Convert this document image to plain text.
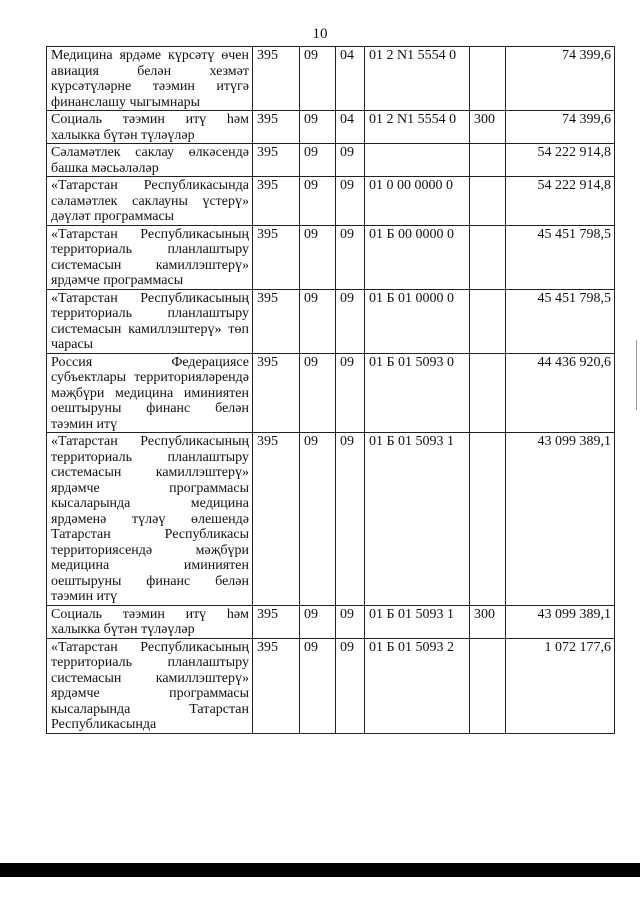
10
Медицина ярдәме күрсәтү өчен авиация белән хезмәт күрсәтүләрне тәэмин итүгә финанслашу чыгымнары	395	09	04	01 2 N1 5554 0		74 399,6
Социаль тәэмин итү һәм халыкка бүтән түләүләр	395	09	04	01 2 N1 5554 0	300	74 399,6
Сәламәтлек саклау өлкәсендә башка мәсьәләләр	395	09	09			54 222 914,8
«Татарстан Республикасында сәламәтлек саклауны үстерү» дәүләт программасы	395	09	09	01 0 00 0000 0		54 222 914,8
«Татарстан Республикасының территориаль планлаштыру системасын камиллэштерү» ярдәмче программасы	395	09	09	01 Б 00 0000 0		45 451 798,5
«Татарстан Республикасының территориаль планлаштыру системасын камиллэштерү» төп чарасы	395	09	09	01 Б 01 0000 0		45 451 798,5
Россия Федерациясе субъектлары территорияләрендә мәҗбүри медицина иминиятен оештыруны финанс белән тәэмин итү	395	09	09	01 Б 01 5093 0		44 436 920,6
«Татарстан Республикасының территориаль планлаштыру системасын камиллэштерү» ярдәмче программасы кысаларында медицина ярдәменә түләү өлешендә Татарстан Республикасы территориясендә мәҗбүри медицина иминиятен оештыруны финанс белән тәэмин итү	395	09	09	01 Б 01 5093 1		43 099 389,1
Социаль тәэмин итү һәм халыкка бүтән түләүләр	395	09	09	01 Б 01 5093 1	300	43 099 389,1
«Татарстан Республикасының территориаль планлаштыру системасын камиллэштерү» ярдәмче программасы кысаларында Татарстан Республикасында	395	09	09	01 Б 01 5093 2		1 072 177,6
